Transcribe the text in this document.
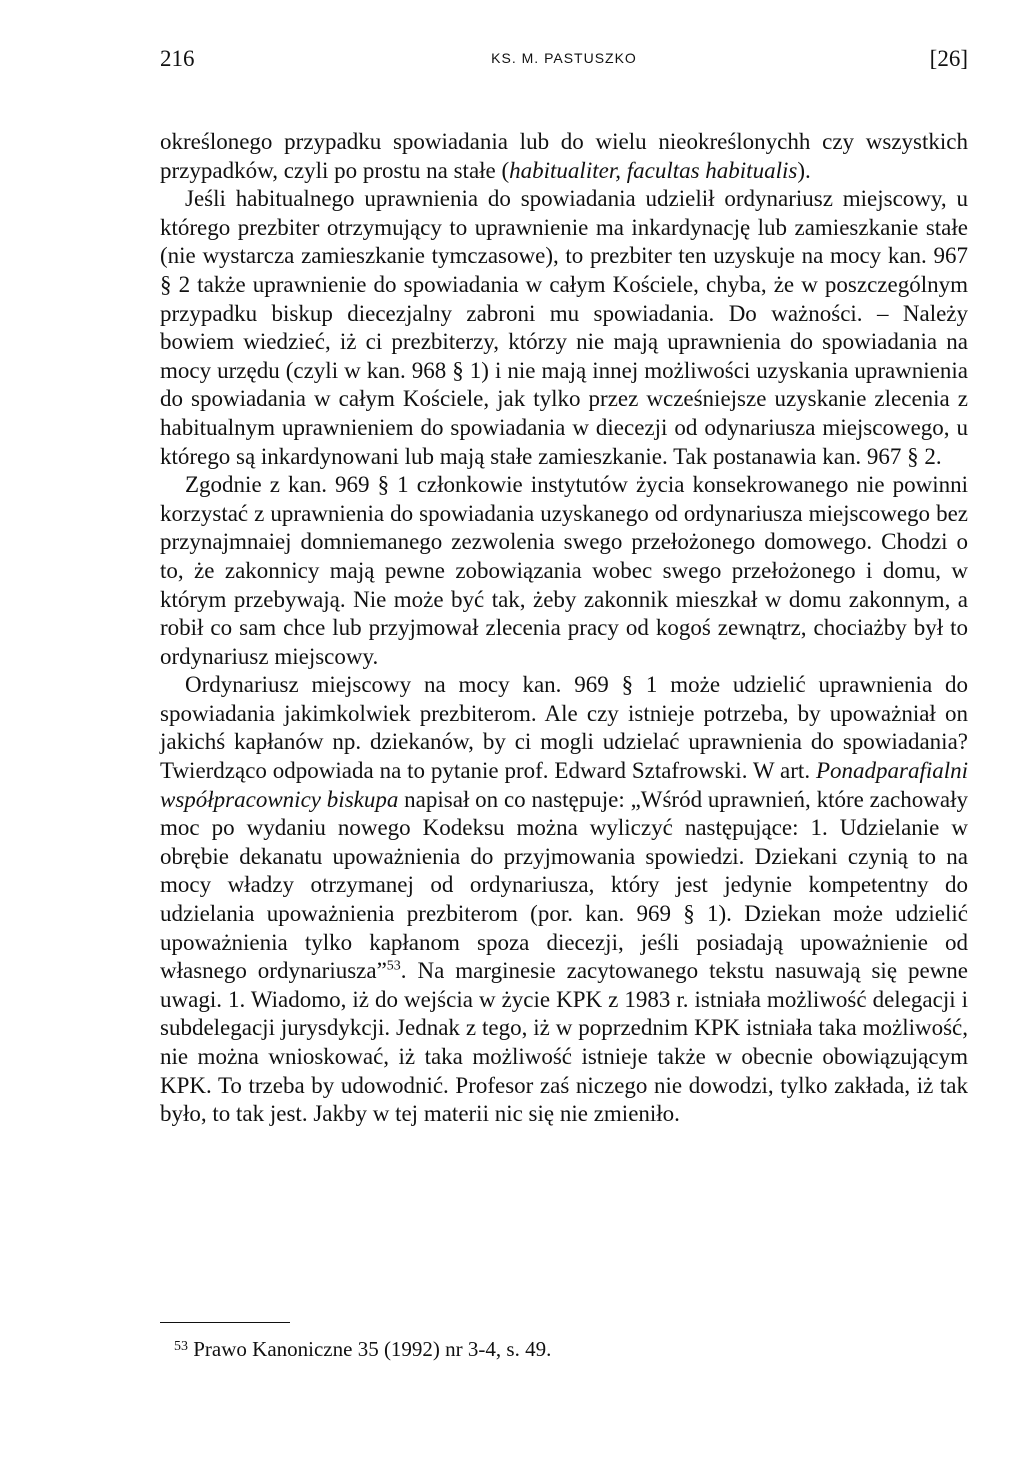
216	KS. M. PASTUSZKO	[26]

określonego przypadku spowiadania lub do wielu nieokreślonychh czy wszystkich przypadków, czyli po prostu na stałe (habitualiter, facultas habitualis).

Jeśli habitualnego uprawnienia do spowiadania udzielił ordynariusz miejscowy, u którego prezbiter otrzymujący to uprawnienie ma inkardynację lub zamieszkanie stałe (nie wystarcza zamieszkanie tymczasowe), to prezbiter ten uzyskuje na mocy kan. 967 § 2 także uprawnienie do spowiadania w całym Kościele, chyba, że w poszczególnym przypadku biskup diecezjalny zabroni mu spowiadania. Do ważności. – Należy bowiem wiedzieć, iż ci prezbiterzy, którzy nie mają uprawnienia do spowiadania na mocy urzędu (czyli w kan. 968 § 1) i nie mają innej możliwości uzyskania uprawnienia do spowiadania w całym Kościele, jak tylko przez wcześniejsze uzyskanie zlecenia z habitualnym uprawnieniem do spowiadania w diecezji od odynariusza miejscowego, u którego są inkardynowani lub mają stałe zamieszkanie. Tak postanawia kan. 967 § 2.

Zgodnie z kan. 969 § 1 członkowie instytutów życia konsekrowanego nie powinni korzystać z uprawnienia do spowiadania uzyskanego od ordynariusza miejscowego bez przynajmnaiej domniemanego zezwolenia swego przełożonego domowego. Chodzi o to, że zakonnicy mają pewne zobowiązania wobec swego przełożonego i domu, w którym przebywają. Nie może być tak, żeby zakonnik mieszkał w domu zakonnym, a robił co sam chce lub przyjmował zlecenia pracy od kogoś zewnątrz, chociażby był to ordynariusz miejscowy.

Ordynariusz miejscowy na mocy kan. 969 § 1 może udzielić uprawnienia do spowiadania jakimkolwiek prezbiterom. Ale czy istnieje potrzeba, by upoważniał on jakichś kapłanów np. dziekanów, by ci mogli udzielać uprawnienia do spowiadania? Twierdząco odpowiada na to pytanie prof. Edward Sztafrowski. W art. Ponadparafialni współpracownicy biskupa napisał on co następuje: „Wśród uprawnień, które zachowały moc po wydaniu nowego Kodeksu można wyliczyć następujące: 1. Udzielanie w obrębie dekanatu upoważnienia do przyjmowania spowiedzi. Dziekani czynią to na mocy władzy otrzymanej od ordynariusza, który jest jedynie kompetentny do udzielania upoważnienia prezbiterom (por. kan. 969 § 1). Dziekan może udzielić upoważnienia tylko kapłanom spoza diecezji, jeśli posiadają upoważnienie od własnego ordynariusza”$^{53}$. Na marginesie zacytowanego tekstu nasuwają się pewne uwagi. 1. Wiadomo, iż do wejścia w życie KPK z 1983 r. istniała możliwość delegacji i subdelegacji jurysdykcji. Jednak z tego, iż w poprzednim KPK istniała taka możliwość, nie można wnioskować, iż taka możliwość istnieje także w obecnie obowiązującym KPK. To trzeba by udowodnić. Profesor zaś niczego nie dowodzi, tylko zakłada, iż tak było, to tak jest. Jakby w tej materii nic się nie zmieniło.

$^{53}$ Prawo Kanoniczne 35 (1992) nr 3-4, s. 49.
